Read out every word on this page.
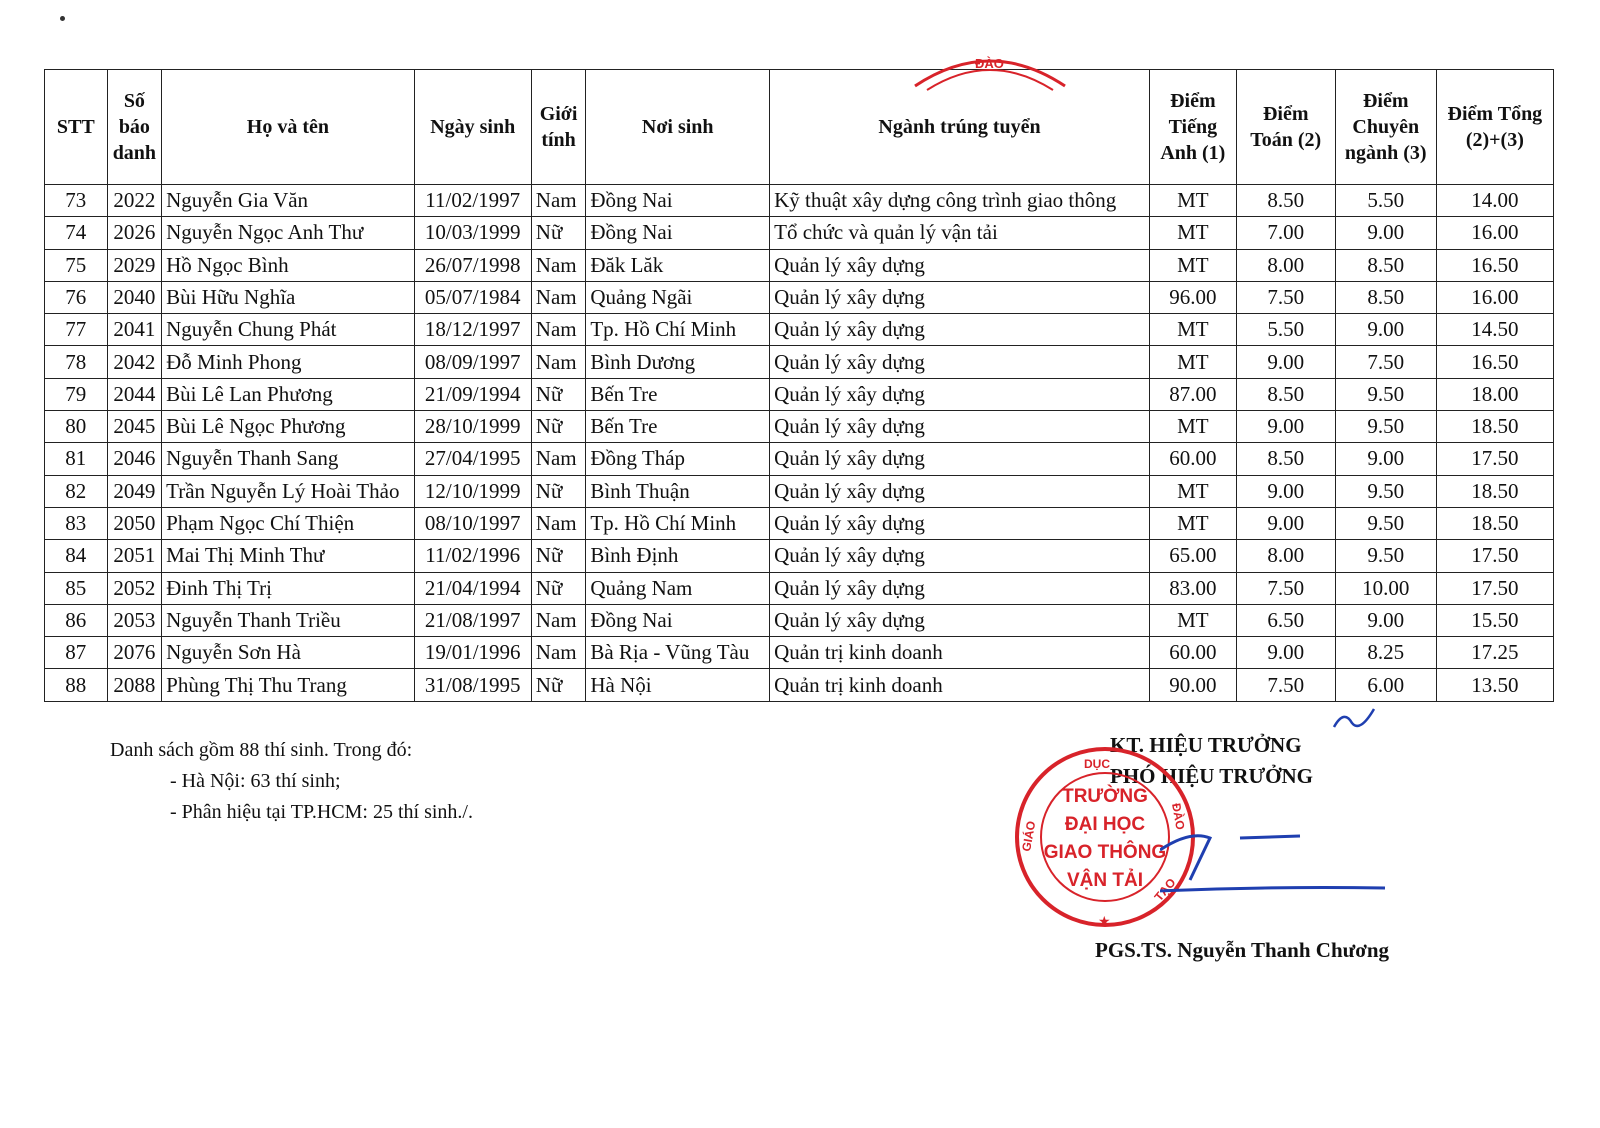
STT	Số báo danh	Họ và tên	Ngày sinh	Giới tính	Nơi sinh	Ngành trúng tuyển	Điểm Tiếng Anh (1)	Điểm Toán (2)	Điểm Chuyên ngành (3)	Điểm Tổng (2)+(3)
73	2022	Nguyễn Gia Văn	11/02/1997	Nam	Đồng Nai	Kỹ thuật xây dựng công trình giao thông	MT	8.50	5.50	14.00
74	2026	Nguyễn Ngọc Anh Thư	10/03/1999	Nữ	Đồng Nai	Tổ chức và quản lý vận tải	MT	7.00	9.00	16.00
75	2029	Hồ Ngọc Bình	26/07/1998	Nam	Đăk Lăk	Quản lý xây dựng	MT	8.00	8.50	16.50
76	2040	Bùi Hữu Nghĩa	05/07/1984	Nam	Quảng Ngãi	Quản lý xây dựng	96.00	7.50	8.50	16.00
77	2041	Nguyễn Chung Phát	18/12/1997	Nam	Tp. Hồ Chí Minh	Quản lý xây dựng	MT	5.50	9.00	14.50
78	2042	Đỗ Minh Phong	08/09/1997	Nam	Bình Dương	Quản lý xây dựng	MT	9.00	7.50	16.50
79	2044	Bùi Lê Lan Phương	21/09/1994	Nữ	Bến Tre	Quản lý xây dựng	87.00	8.50	9.50	18.00
80	2045	Bùi Lê Ngọc Phương	28/10/1999	Nữ	Bến Tre	Quản lý xây dựng	MT	9.00	9.50	18.50
81	2046	Nguyễn Thanh Sang	27/04/1995	Nam	Đồng Tháp	Quản lý xây dựng	60.00	8.50	9.00	17.50
82	2049	Trần Nguyễn Lý Hoài Thảo	12/10/1999	Nữ	Bình Thuận	Quản lý xây dựng	MT	9.00	9.50	18.50
83	2050	Phạm Ngọc Chí Thiện	08/10/1997	Nam	Tp. Hồ Chí Minh	Quản lý xây dựng	MT	9.00	9.50	18.50
84	2051	Mai Thị Minh Thư	11/02/1996	Nữ	Bình Định	Quản lý xây dựng	65.00	8.00	9.50	17.50
85	2052	Đinh Thị Trị	21/04/1994	Nữ	Quảng Nam	Quản lý xây dựng	83.00	7.50	10.00	17.50
86	2053	Nguyễn Thanh Triều	21/08/1997	Nam	Đồng Nai	Quản lý xây dựng	MT	6.50	9.00	15.50
87	2076	Nguyễn Sơn Hà	19/01/1996	Nam	Bà Rịa - Vũng Tàu	Quản trị kinh doanh	60.00	9.00	8.25	17.25
88	2088	Phùng Thị Thu Trang	31/08/1995	Nữ	Hà Nội	Quản trị kinh doanh	90.00	7.50	6.00	13.50
Danh sách gồm 88 thí sinh. Trong đó:
- Hà Nội: 63 thí sinh;
- Phân hiệu tại TP.HCM: 25 thí sinh./.
KT. HIỆU TRƯỞNG
PHÓ HIỆU TRƯỞNG
ĐÀO
TRƯỜNG
ĐẠI HỌC
GIAO THÔNG
VẬN TẢI
DỤC
GIÁO
ĐÀO
TẠO
★
PGS.TS. Nguyễn Thanh Chương
